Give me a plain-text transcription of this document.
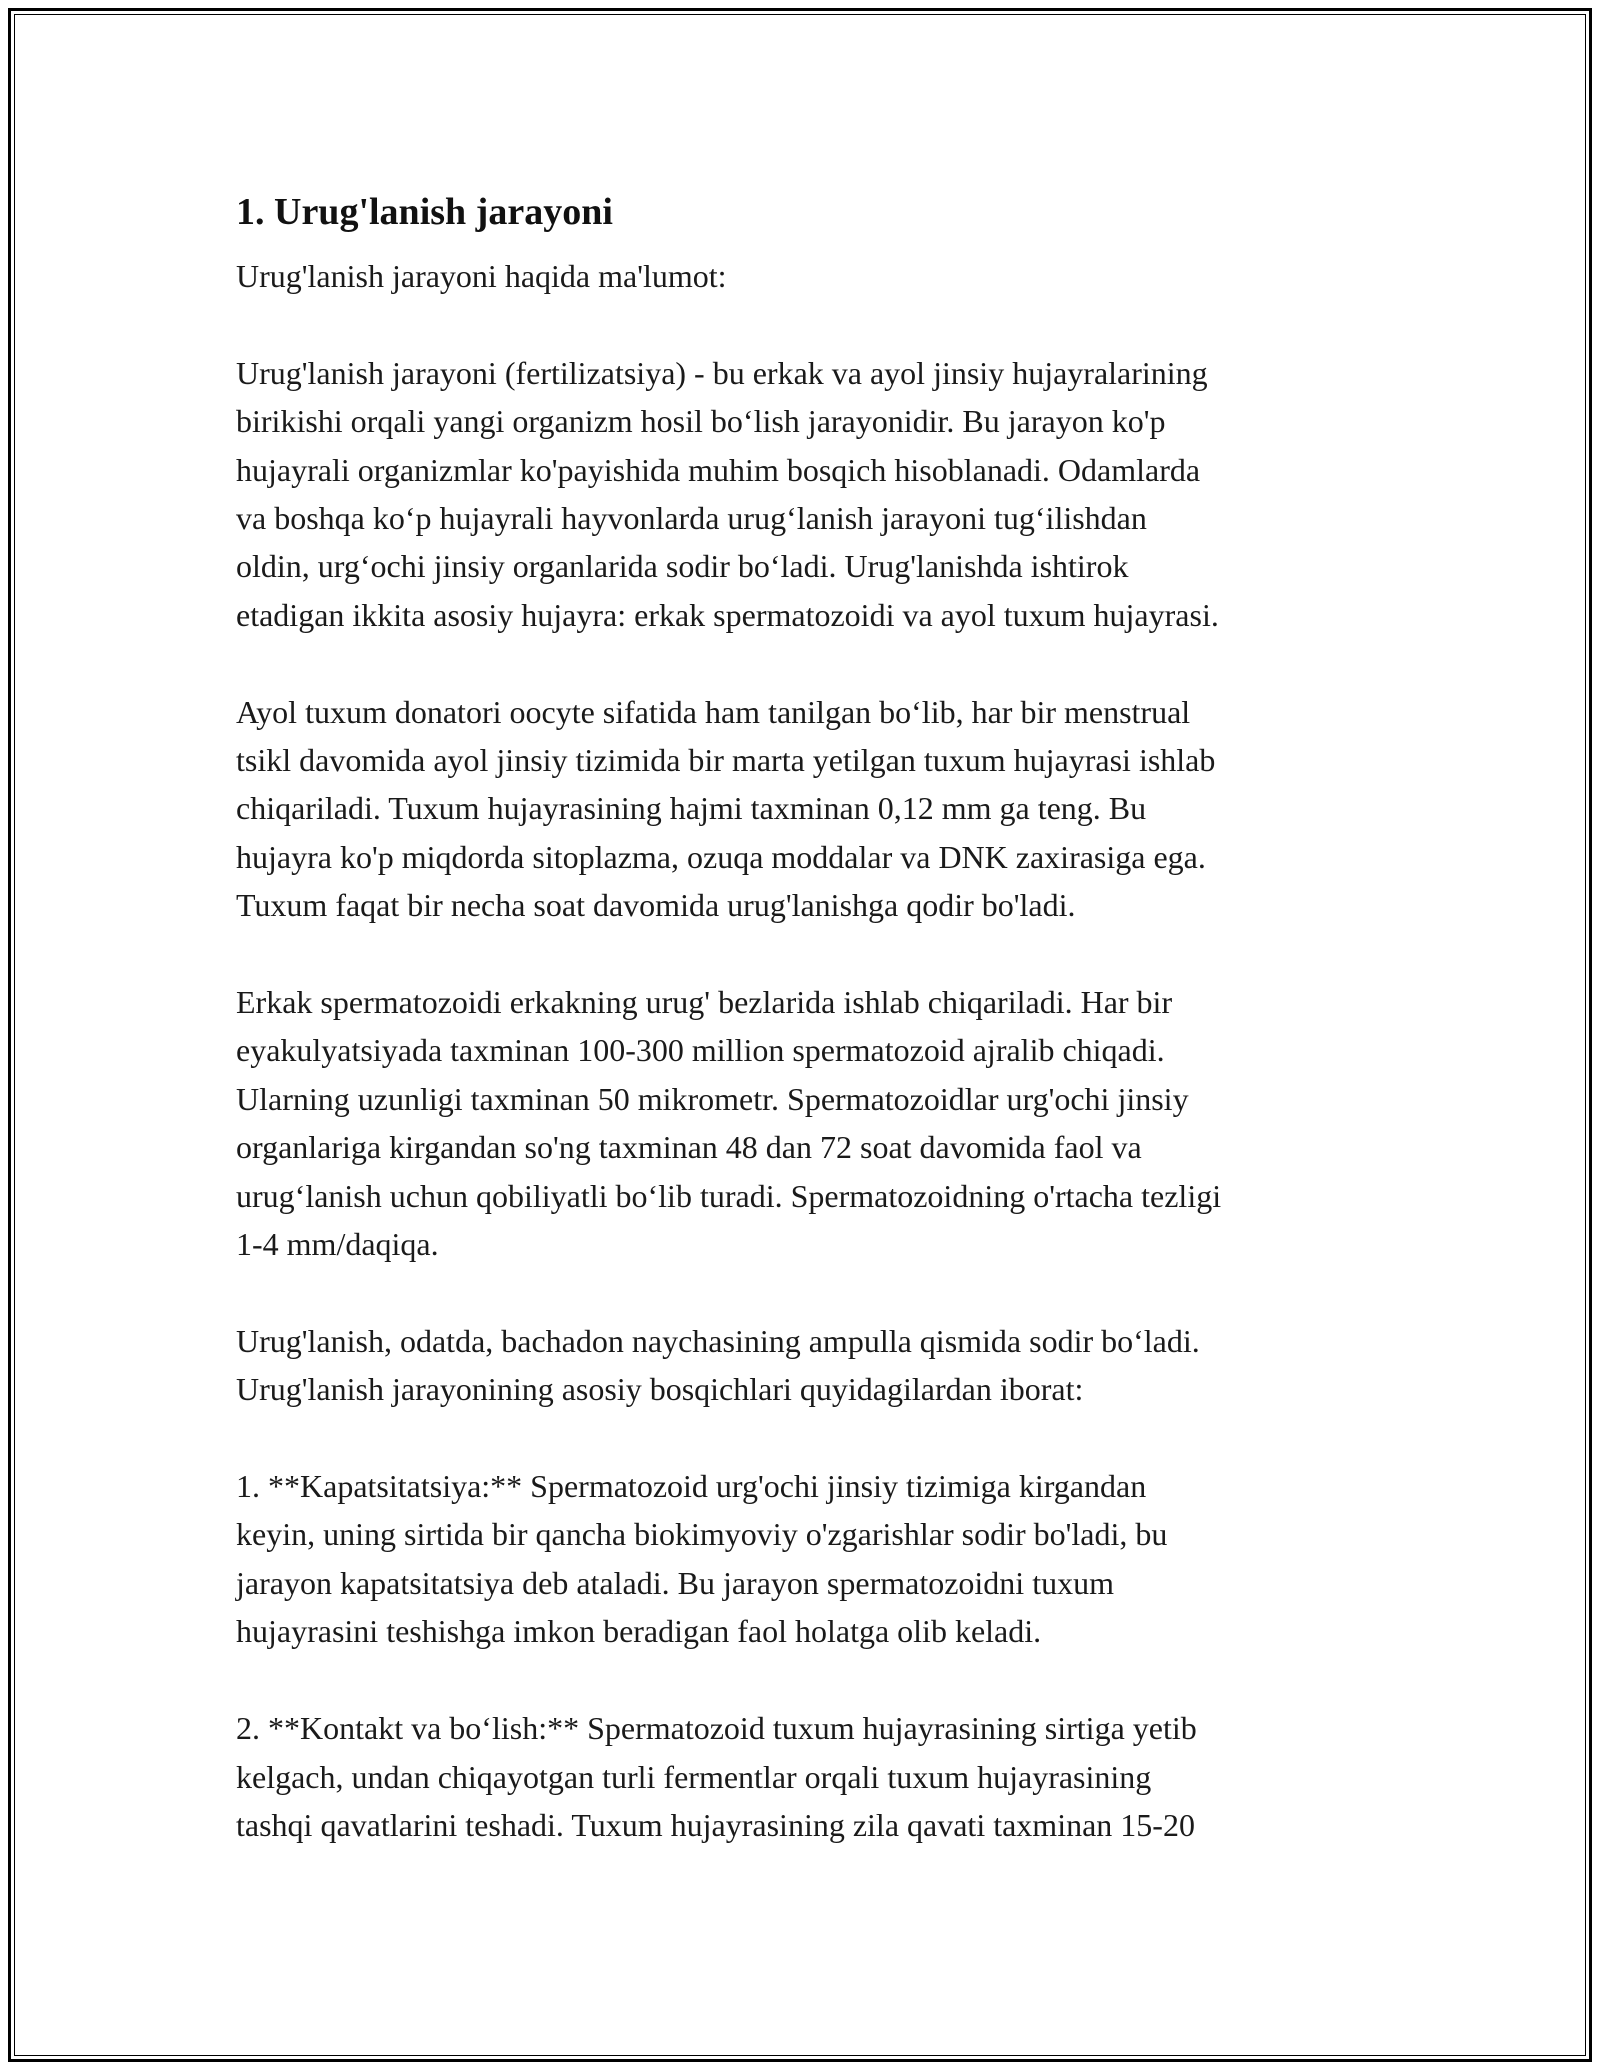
1. Urug'lanish jarayoni

Urug'lanish jarayoni haqida ma'lumot:

Urug'lanish jarayoni (fertilizatsiya) - bu erkak va ayol jinsiy hujayralarining
birikishi orqali yangi organizm hosil bo‘lish jarayonidir. Bu jarayon ko'p
hujayrali organizmlar ko'payishida muhim bosqich hisoblanadi. Odamlarda
va boshqa ko‘p hujayrali hayvonlarda urug‘lanish jarayoni tug‘ilishdan
oldin, urg‘ochi jinsiy organlarida sodir bo‘ladi. Urug'lanishda ishtirok
etadigan ikkita asosiy hujayra: erkak spermatozoidi va ayol tuxum hujayrasi.

Ayol tuxum donatori oocyte sifatida ham tanilgan bo‘lib, har bir menstrual
tsikl davomida ayol jinsiy tizimida bir marta yetilgan tuxum hujayrasi ishlab
chiqariladi. Tuxum hujayrasining hajmi taxminan 0,12 mm ga teng. Bu
hujayra ko'p miqdorda sitoplazma, ozuqa moddalar va DNK zaxirasiga ega.
Tuxum faqat bir necha soat davomida urug'lanishga qodir bo'ladi.

Erkak spermatozoidi erkakning urug' bezlarida ishlab chiqariladi. Har bir
eyakulyatsiyada taxminan 100-300 million spermatozoid ajralib chiqadi.
Ularning uzunligi taxminan 50 mikrometr. Spermatozoidlar urg'ochi jinsiy
organlariga kirgandan so'ng taxminan 48 dan 72 soat davomida faol va
urug‘lanish uchun qobiliyatli bo‘lib turadi. Spermatozoidning o'rtacha tezligi
1-4 mm/daqiqa.

Urug'lanish, odatda, bachadon naychasining ampulla qismida sodir bo‘ladi.
Urug'lanish jarayonining asosiy bosqichlari quyidagilardan iborat:

1. **Kapatsitatsiya:** Spermatozoid urg'ochi jinsiy tizimiga kirgandan
keyin, uning sirtida bir qancha biokimyoviy o'zgarishlar sodir bo'ladi, bu
jarayon kapatsitatsiya deb ataladi. Bu jarayon spermatozoidni tuxum
hujayrasini teshishga imkon beradigan faol holatga olib keladi.

2. **Kontakt va bo‘lish:** Spermatozoid tuxum hujayrasining sirtiga yetib
kelgach, undan chiqayotgan turli fermentlar orqali tuxum hujayrasining
tashqi qavatlarini teshadi. Tuxum hujayrasining zila qavati taxminan 15-20
